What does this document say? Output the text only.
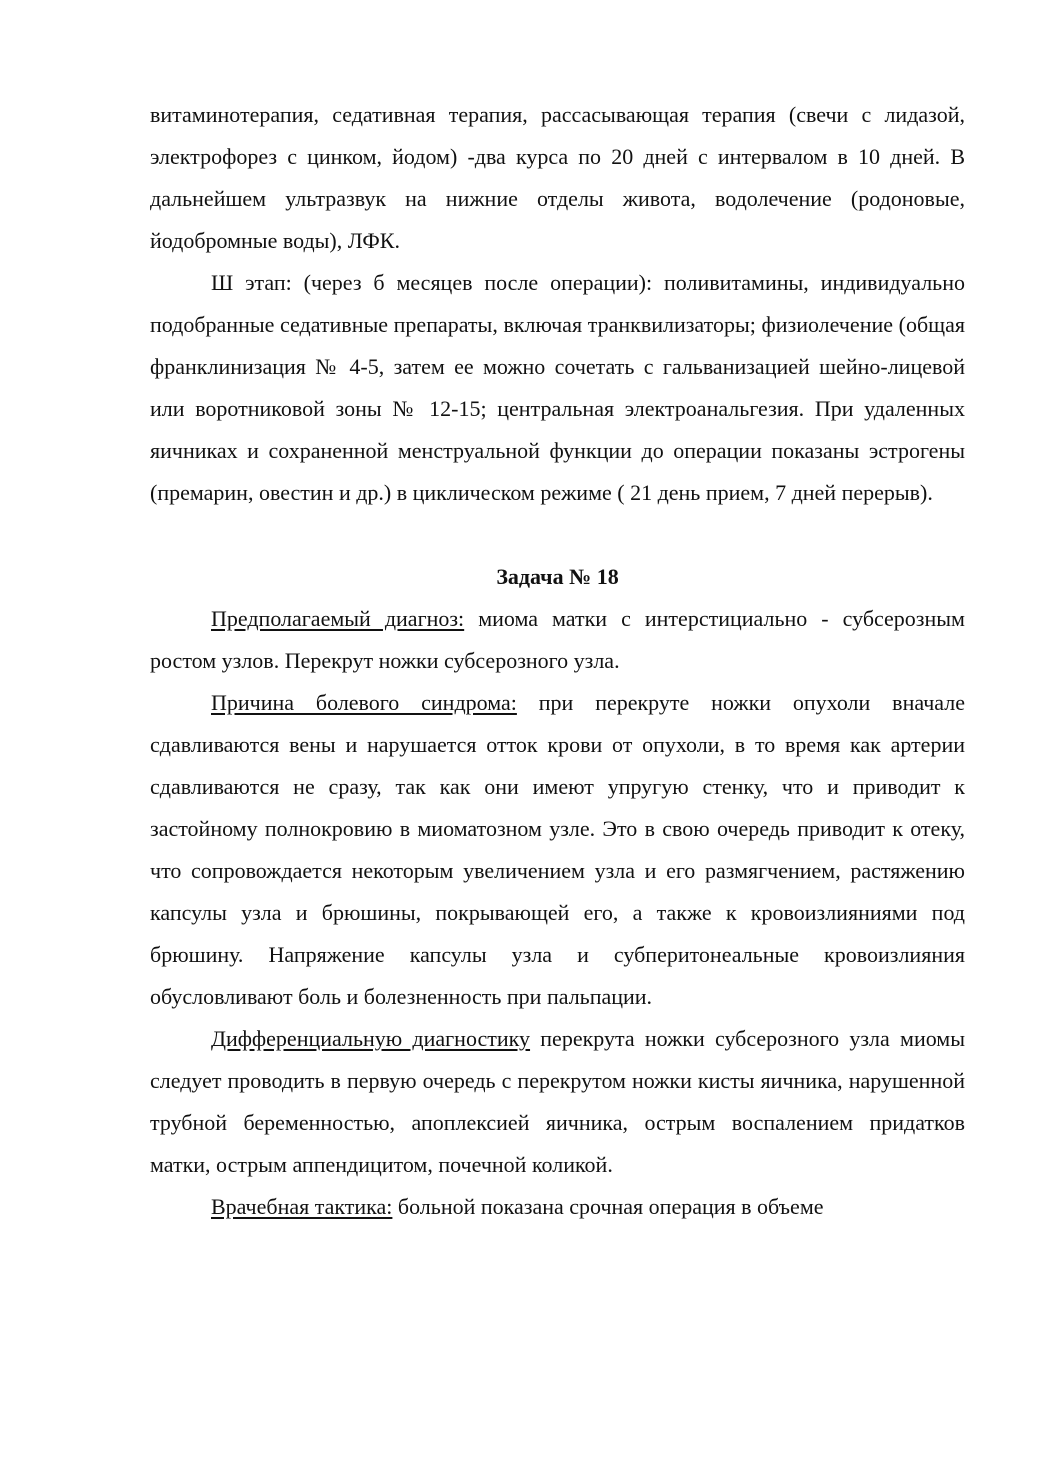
витаминотерапия, седативная терапия, рассасывающая терапия (свечи с лидазой, электрофорез с цинком, йодом) -два курса по 20 дней с интервалом в 10 дней. В дальнейшем ультразвук на нижние отделы живота, водолечение (родоновые, йодобромные воды), ЛФК.

Ш этап: (через б месяцев после операции): поливитамины, индивидуально подобранные седативные препараты, включая транквилизаторы; физиолечение (общая франклинизация № 4-5, затем ее можно сочетать с гальванизацией шейно-лицевой или воротниковой зоны № 12-15; центральная электроанальгезия. При удаленных яичниках и сохраненной менструальной функции до операции показаны эстрогены (премарин, овестин и др.) в циклическом режиме ( 21 день прием, 7 дней перерыв).

Задача № 18

Предполагаемый диагноз: миома матки с интерстициально - субсерозным ростом узлов. Перекрут ножки субсерозного узла.

Причина болевого синдрома: при перекруте ножки опухоли вначале сдавливаются вены и нарушается отток крови от опухоли, в то время как артерии сдавливаются не сразу, так как они имеют упругую стенку, что и приводит к застойному полнокровию в миоматозном узле. Это в свою очередь приводит к отеку, что сопровождается некоторым увеличением узла и его размягчением, растяжению капсулы узла и брюшины, покрывающей его, а также к кровоизлияниями под брюшину. Напряжение капсулы узла и субперитонеальные кровоизлияния обусловливают боль и болезненность при пальпации.

Дифференциальную диагностику перекрута ножки субсерозного узла миомы следует проводить в первую очередь с перекрутом ножки кисты яичника, нарушенной трубной беременностью, апоплексией яичника, острым воспалением придатков матки, острым аппендицитом, почечной коликой.

Врачебная тактика: больной показана срочная операция в объеме
